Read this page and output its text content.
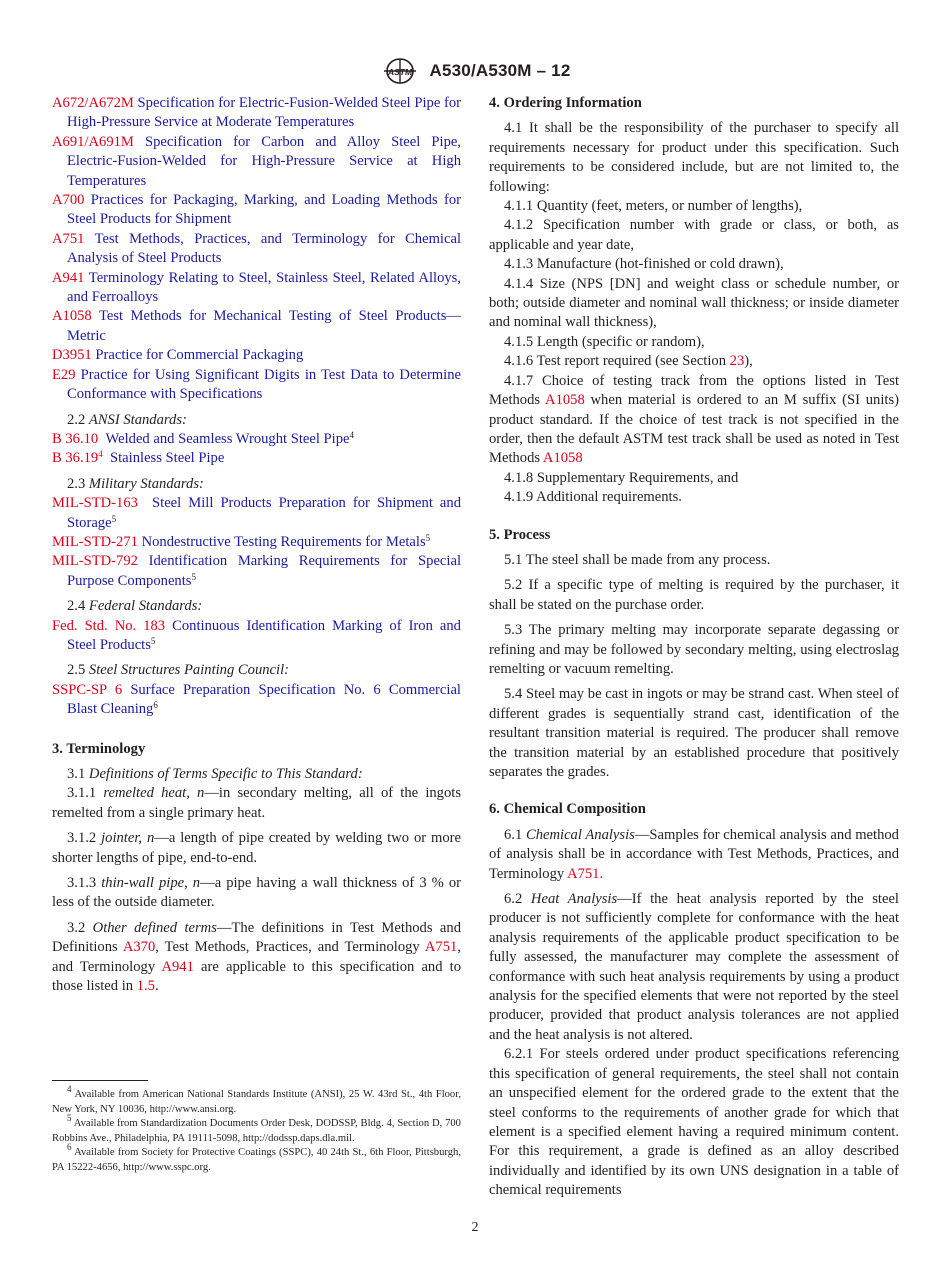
ASTM A530/A530M – 12

A672/A672M Specification for Electric-Fusion-Welded Steel Pipe for High-Pressure Service at Moderate Temperatures

A691/A691M Specification for Carbon and Alloy Steel Pipe, Electric-Fusion-Welded for High-Pressure Service at High Temperatures

A700 Practices for Packaging, Marking, and Loading Methods for Steel Products for Shipment

A751 Test Methods, Practices, and Terminology for Chemical Analysis of Steel Products

A941 Terminology Relating to Steel, Stainless Steel, Related Alloys, and Ferroalloys

A1058 Test Methods for Mechanical Testing of Steel Products—Metric

D3951 Practice for Commercial Packaging

E29 Practice for Using Significant Digits in Test Data to Determine Conformance with Specifications

2.2 ANSI Standards:

B 36.10 Welded and Seamless Wrought Steel Pipe$^4$

B 36.19$^4$ Stainless Steel Pipe

2.3 Military Standards:

MIL-STD-163 Steel Mill Products Preparation for Shipment and Storage$^5$

MIL-STD-271 Nondestructive Testing Requirements for Metals$^5$

MIL-STD-792 Identification Marking Requirements for Special Purpose Components$^5$

2.4 Federal Standards:

Fed. Std. No. 183 Continuous Identification Marking of Iron and Steel Products$^5$

2.5 Steel Structures Painting Council:

SSPC-SP 6 Surface Preparation Specification No. 6 Commercial Blast Cleaning$^6$

3. Terminology

3.1 Definitions of Terms Specific to This Standard:

3.1.1 remelted heat, n—in secondary melting, all of the ingots remelted from a single primary heat.

3.1.2 jointer, n—a length of pipe created by welding two or more shorter lengths of pipe, end-to-end.

3.1.3 thin-wall pipe, n—a pipe having a wall thickness of 3 % or less of the outside diameter.

3.2 Other defined terms—The definitions in Test Methods and Definitions A370, Test Methods, Practices, and Terminology A751, and Terminology A941 are applicable to this specification and to those listed in 1.5.

$^4$ Available from American National Standards Institute (ANSI), 25 W. 43rd St., 4th Floor, New York, NY 10036, http://www.ansi.org.

$^5$ Available from Standardization Documents Order Desk, DODSSP, Bldg. 4, Section D, 700 Robbins Ave., Philadelphia, PA 19111-5098, http://dodssp.daps.dla.mil.

$^6$ Available from Society for Protective Coatings (SSPC), 40 24th St., 6th Floor, Pittsburgh, PA 15222-4656, http://www.sspc.org.

4. Ordering Information

4.1 It shall be the responsibility of the purchaser to specify all requirements necessary for product under this specification. Such requirements to be considered include, but are not limited to, the following:

4.1.1 Quantity (feet, meters, or number of lengths),

4.1.2 Specification number with grade or class, or both, as applicable and year date,

4.1.3 Manufacture (hot-finished or cold drawn),

4.1.4 Size (NPS [DN] and weight class or schedule number, or both; outside diameter and nominal wall thickness; or inside diameter and nominal wall thickness),

4.1.5 Length (specific or random),

4.1.6 Test report required (see Section 23),

4.1.7 Choice of testing track from the options listed in Test Methods A1058 when material is ordered to an M suffix (SI units) product standard. If the choice of test track is not specified in the order, then the default ASTM test track shall be used as noted in Test Methods A1058

4.1.8 Supplementary Requirements, and

4.1.9 Additional requirements.

5. Process

5.1 The steel shall be made from any process.

5.2 If a specific type of melting is required by the purchaser, it shall be stated on the purchase order.

5.3 The primary melting may incorporate separate degassing or refining and may be followed by secondary melting, using electroslag remelting or vacuum remelting.

5.4 Steel may be cast in ingots or may be strand cast. When steel of different grades is sequentially strand cast, identification of the resultant transition material is required. The producer shall remove the transition material by an established procedure that positively separates the grades.

6. Chemical Composition

6.1 Chemical Analysis—Samples for chemical analysis and method of analysis shall be in accordance with Test Methods, Practices, and Terminology A751.

6.2 Heat Analysis—If the heat analysis reported by the steel producer is not sufficiently complete for conformance with the heat analysis requirements of the applicable product specification to be fully assessed, the manufacturer may complete the assessment of conformance with such heat analysis requirements by using a product analysis for the specified elements that were not reported by the steel producer, provided that product analysis tolerances are not applied and the heat analysis is not altered.

6.2.1 For steels ordered under product specifications referencing this specification of general requirements, the steel shall not contain an unspecified element for the ordered grade to the extent that the steel conforms to the requirements of another grade for which that element is a specified element having a required minimum content. For this requirement, a grade is defined as an alloy described individually and identified by its own UNS designation in a table of chemical requirements

2
